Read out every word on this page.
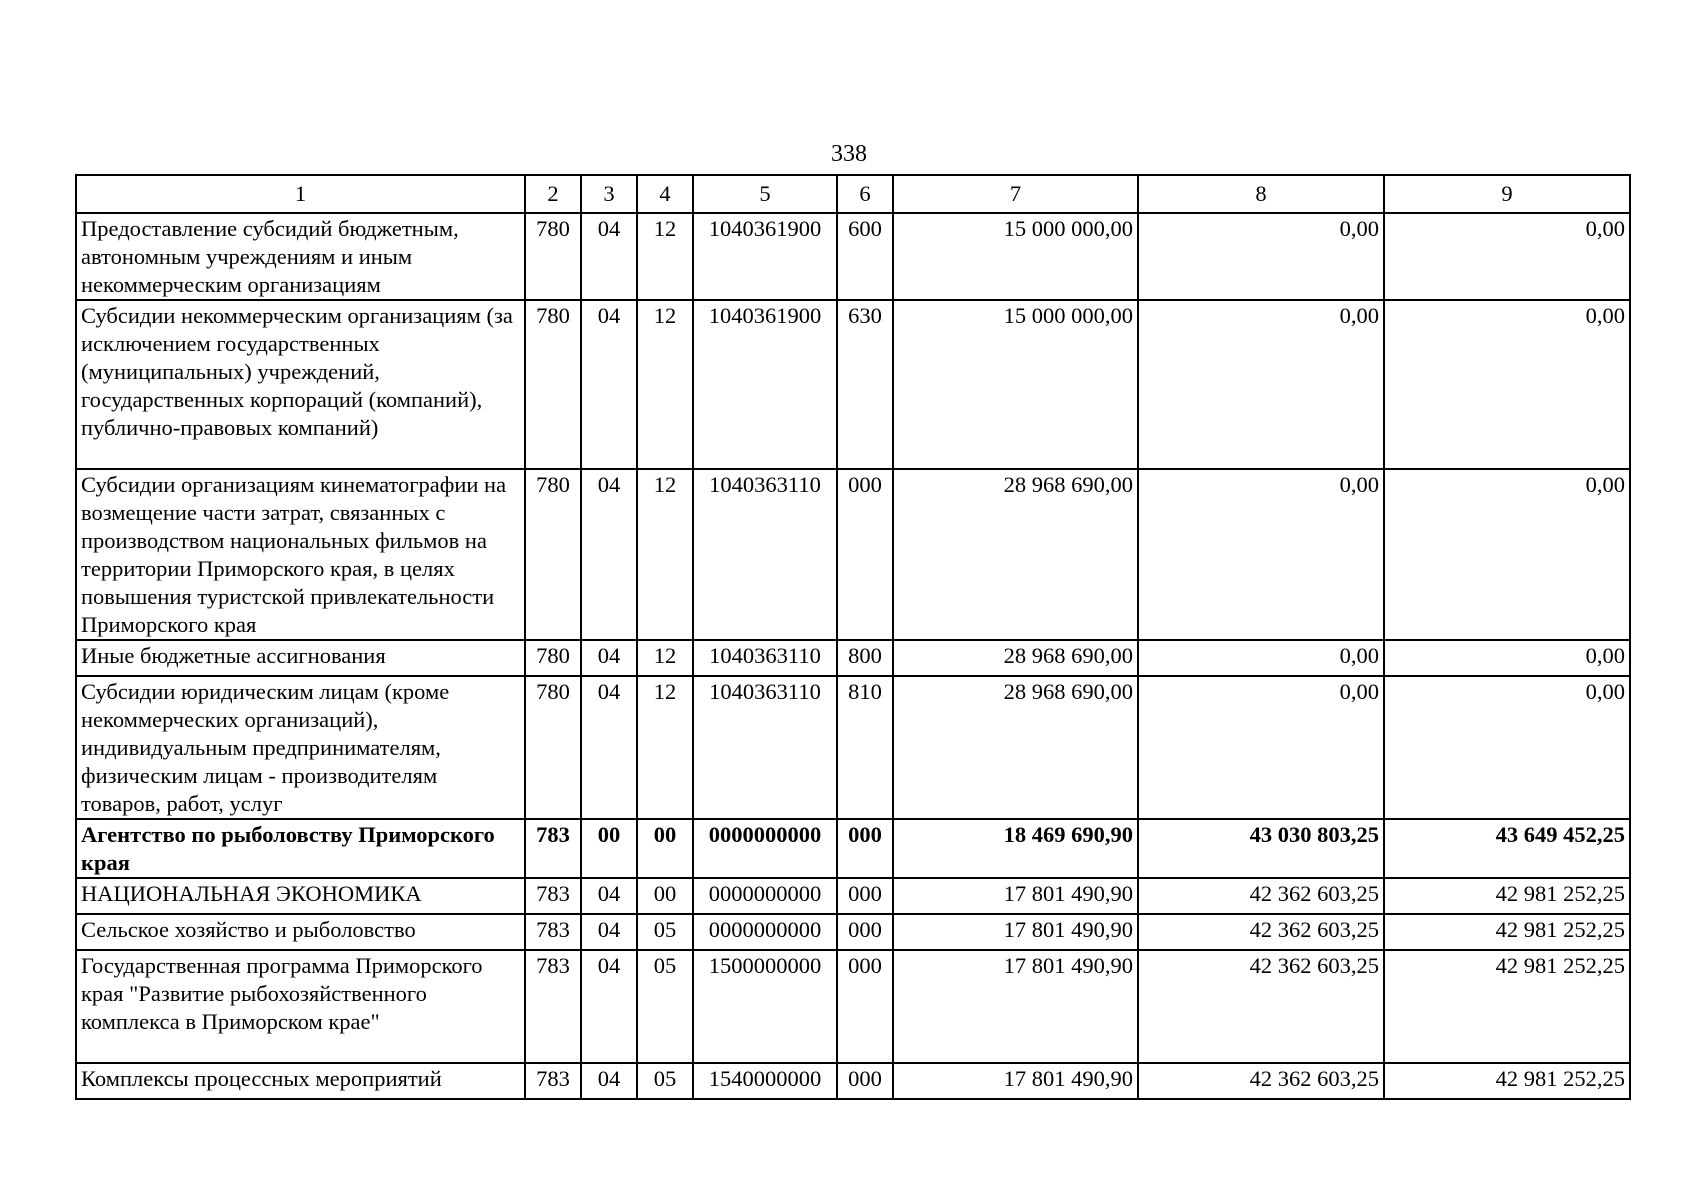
338
1	2	3	4	5	6	7	8	9
Предоставление субсидий бюджетным, автономным учреждениям и иным некоммерческим организациям	780	04	12	1040361900	600	15 000 000,00	0,00	0,00
Субсидии некоммерческим организациям (за исключением государственных (муниципальных) учреждений, государственных корпораций (компаний), публично-правовых компаний)	780	04	12	1040361900	630	15 000 000,00	0,00	0,00
Субсидии организациям кинематографии на возмещение части затрат, связанных с производством национальных фильмов на территории Приморского края, в целях повышения туристской привлекательности Приморского края	780	04	12	1040363110	000	28 968 690,00	0,00	0,00
Иные бюджетные ассигнования	780	04	12	1040363110	800	28 968 690,00	0,00	0,00
Субсидии юридическим лицам (кроме некоммерческих организаций), индивидуальным предпринимателям, физическим лицам - производителям товаров, работ, услуг	780	04	12	1040363110	810	28 968 690,00	0,00	0,00
Агентство по рыболовству Приморского края	783	00	00	0000000000	000	18 469 690,90	43 030 803,25	43 649 452,25
НАЦИОНАЛЬНАЯ ЭКОНОМИКА	783	04	00	0000000000	000	17 801 490,90	42 362 603,25	42 981 252,25
Сельское хозяйство и рыболовство	783	04	05	0000000000	000	17 801 490,90	42 362 603,25	42 981 252,25
Государственная программа Приморского края "Развитие рыбохозяйственного комплекса в Приморском крае"	783	04	05	1500000000	000	17 801 490,90	42 362 603,25	42 981 252,25
Комплексы процессных мероприятий	783	04	05	1540000000	000	17 801 490,90	42 362 603,25	42 981 252,25
